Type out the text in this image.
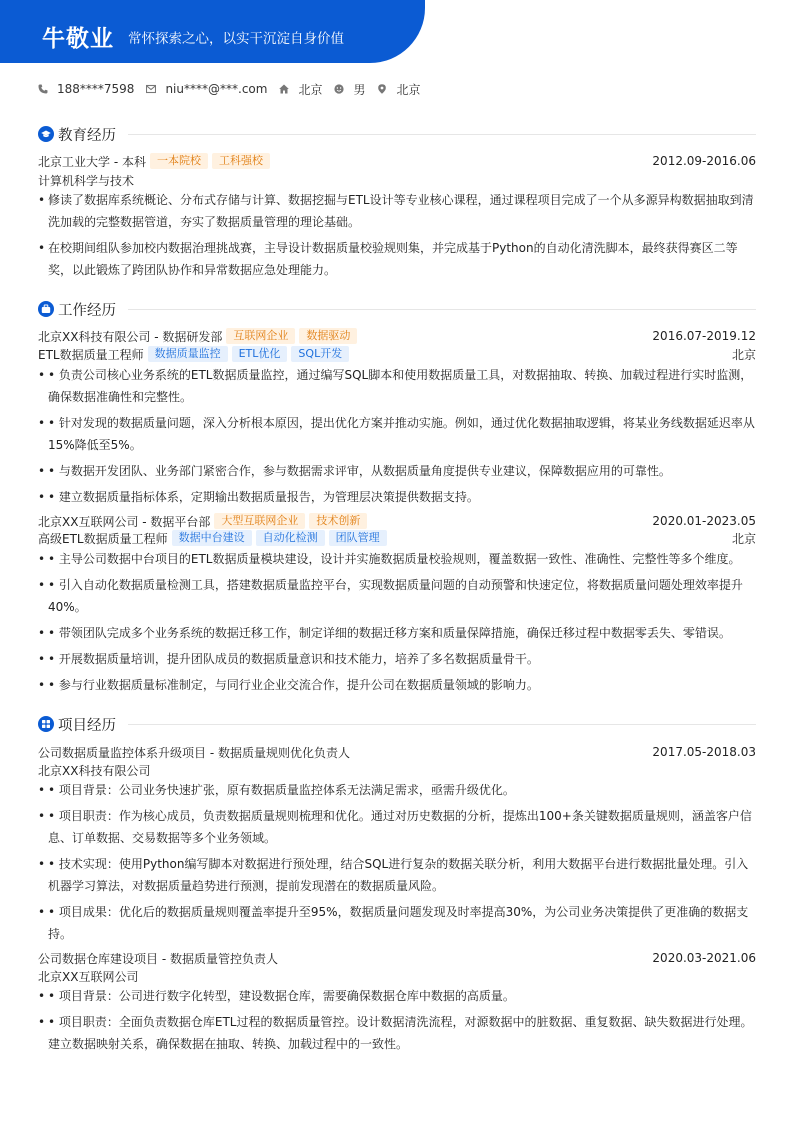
牛敬业 常怀探索之心，以实干沉淀自身价值
188****7598	niu****@***.com	北京	男	北京
教育经历
北京工业大学 - 本科	一本院校	工科强校	2012.09-2016.06
计算机科学与技术
• 修读了数据库系统概论、分布式存储与计算、数据挖掘与ETL设计等专业核心课程，通过课程项目完成了一个从多源异构数据抽取到清洗加载的完整数据管道，夯实了数据质量管理的理论基础。
• 在校期间组队参加校内数据治理挑战赛，主导设计数据质量校验规则集，并完成基于Python的自动化清洗脚本，最终获得赛区二等奖，以此锻炼了跨团队协作和异常数据应急处理能力。
工作经历
北京XX科技有限公司 - 数据研发部	互联网企业	数据驱动	2016.07-2019.12
ETL数据质量工程师	数据质量监控	ETL优化	SQL开发	北京
• • 负责公司核心业务系统的ETL数据质量监控，通过编写SQL脚本和使用数据质量工具，对数据抽取、转换、加载过程进行实时监测，确保数据准确性和完整性。
• • 针对发现的数据质量问题，深入分析根本原因，提出优化方案并推动实施。例如，通过优化数据抽取逻辑，将某业务线数据延迟率从15%降低至5%。
• • 与数据开发团队、业务部门紧密合作，参与数据需求评审，从数据质量角度提供专业建议，保障数据应用的可靠性。
• • 建立数据质量指标体系，定期输出数据质量报告，为管理层决策提供数据支持。
北京XX互联网公司 - 数据平台部	大型互联网企业	技术创新	2020.01-2023.05
高级ETL数据质量工程师	数据中台建设	自动化检测	团队管理	北京
• • 主导公司数据中台项目的ETL数据质量模块建设，设计并实施数据质量校验规则，覆盖数据一致性、准确性、完整性等多个维度。
• • 引入自动化数据质量检测工具，搭建数据质量监控平台，实现数据质量问题的自动预警和快速定位，将数据质量问题处理效率提升40%。
• • 带领团队完成多个业务系统的数据迁移工作，制定详细的数据迁移方案和质量保障措施，确保迁移过程中数据零丢失、零错误。
• • 开展数据质量培训，提升团队成员的数据质量意识和技术能力，培养了多名数据质量骨干。
• • 参与行业数据质量标准制定，与同行业企业交流合作，提升公司在数据质量领域的影响力。
项目经历
公司数据质量监控体系升级项目 - 数据质量规则优化负责人	2017.05-2018.03
北京XX科技有限公司
• • 项目背景：公司业务快速扩张，原有数据质量监控体系无法满足需求，亟需升级优化。
• • 项目职责：作为核心成员，负责数据质量规则梳理和优化。通过对历史数据的分析，提炼出100+条关键数据质量规则，涵盖客户信息、订单数据、交易数据等多个业务领域。
• • 技术实现：使用Python编写脚本对数据进行预处理，结合SQL进行复杂的数据关联分析，利用大数据平台进行数据批量处理。引入机器学习算法，对数据质量趋势进行预测，提前发现潜在的数据质量风险。
• • 项目成果：优化后的数据质量规则覆盖率提升至95%，数据质量问题发现及时率提高30%，为公司业务决策提供了更准确的数据支持。
公司数据仓库建设项目 - 数据质量管控负责人	2020.03-2021.06
北京XX互联网公司
• • 项目背景：公司进行数字化转型，建设数据仓库，需要确保数据仓库中数据的高质量。
• • 项目职责：全面负责数据仓库ETL过程的数据质量管控。设计数据清洗流程，对源数据中的脏数据、重复数据、缺失数据进行处理。建立数据映射关系，确保数据在抽取、转换、加载过程中的一致性。
